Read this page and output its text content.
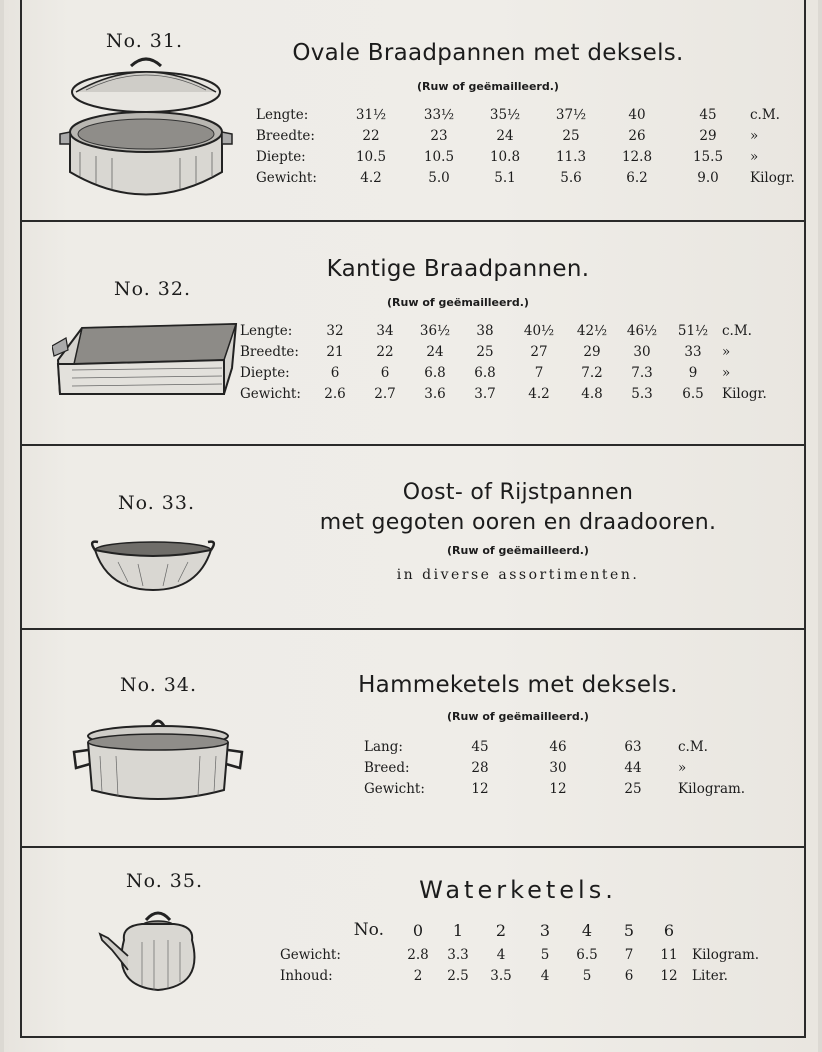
No. 31.	Ovale Braadpannen met deksels.
(Ruw of geëmailleerd.)
Lengte:	31½	33½	35½	37½	40	45	c.M.
Breedte:	22	23	24	25	26	29	»
Diepte:	10.5	10.5	10.8	11.3	12.8	15.5	»
Gewicht:	4.2	5.0	5.1	5.6	6.2	9.0	Kilogr.
No. 32.
Kantige Braadpannen.
(Ruw of geëmailleerd.)
Lengte:	32	34	36½	38	40½	42½	46½	51½	c.M.
Breedte:	21	22	24	25	27	29	30	33	»
Diepte:	6	6	6.8	6.8	7	7.2	7.3	9	»
Gewicht:	2.6	2.7	3.6	3.7	4.2	4.8	5.3	6.5	Kilogr.
No. 33.	Oost- of Rijstpannen
met gegoten ooren en draadooren.
(Ruw of geëmailleerd.)
in diverse assortimenten.
No. 34.	Hammeketels met deksels.
(Ruw of geëmailleerd.)
Lang:	45	46	63	c.M.
Breed:	28	30	44	»
Gewicht:	12	12	25	Kilogram.
No. 35.	Waterketels.
No.	0	1	2	3	4	5	6	
Gewicht:	2.8	3.3	4	5	6.5	7	11	Kilogram.
Inhoud:	2	2.5	3.5	4	5	6	12	Liter.
